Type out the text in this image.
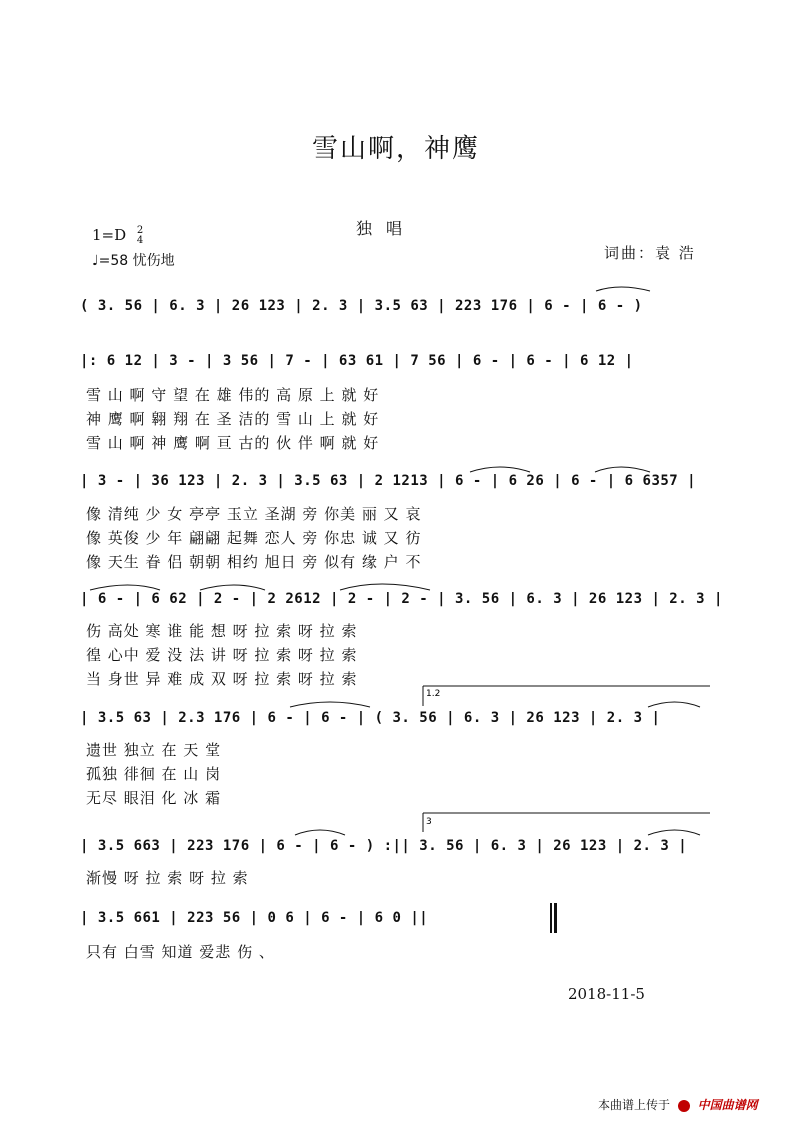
雪山啊，神鹰
独唱
1=D 2
4
♩=58 忧伤地	词曲：袁 浩
1.2
3
( 3. 56 | 6. 3 | 26 123 | 2. 3 | 3.5 63 | 223 176 | 6 - | 6 - )
|: 6 12 | 3 - | 3 56 | 7 - | 63 61 | 7 56 | 6 - | 6 - | 6 12 |
雪 山 啊 守 望 在 雄 伟的 高 原 上 就 好
神 鹰 啊 翱 翔 在 圣 洁的 雪 山 上 就 好
雪 山 啊 神 鹰 啊 亘 古的 伙 伴 啊 就 好
| 3 - | 36 123 | 2. 3 | 3.5 63 | 2 1213 | 6 - | 6 26 | 6 - | 6 6357 |
像 清纯 少 女 亭亭 玉立 圣湖 旁 你美 丽 又 哀
像 英俊 少 年 翩翩 起舞 恋人 旁 你忠 诚 又 彷
像 天生 眷 侣 朝朝 相约 旭日 旁 似有 缘 户 不
| 6 - | 6 62 | 2 - | 2 2612 | 2 - | 2 - | 3. 56 | 6. 3 | 26 123 | 2. 3 |
伤 高处 寒 谁 能 想 呀 拉 索 呀 拉 索
徨 心中 爱 没 法 讲 呀 拉 索 呀 拉 索
当 身世 异 难 成 双 呀 拉 索 呀 拉 索
| 3.5 63 | 2.3 176 | 6 - | 6 - | ( 3. 56 | 6. 3 | 26 123 | 2. 3 |
遗世 独立 在 天 堂
孤独 徘徊 在 山 岗
无尽 眼泪 化 冰 霜
| 3.5 663 | 223 176 | 6 - | 6 - ) :|| 3. 56 | 6. 3 | 26 123 | 2. 3 |
渐慢 呀 拉 索 呀 拉 索
| 3.5 661 | 223 56 | 0 6 | 6 - | 6 0 ||
只有 白雪 知道 爱悲 伤 、
2018-11-5
本曲谱上传于 中国曲谱网
